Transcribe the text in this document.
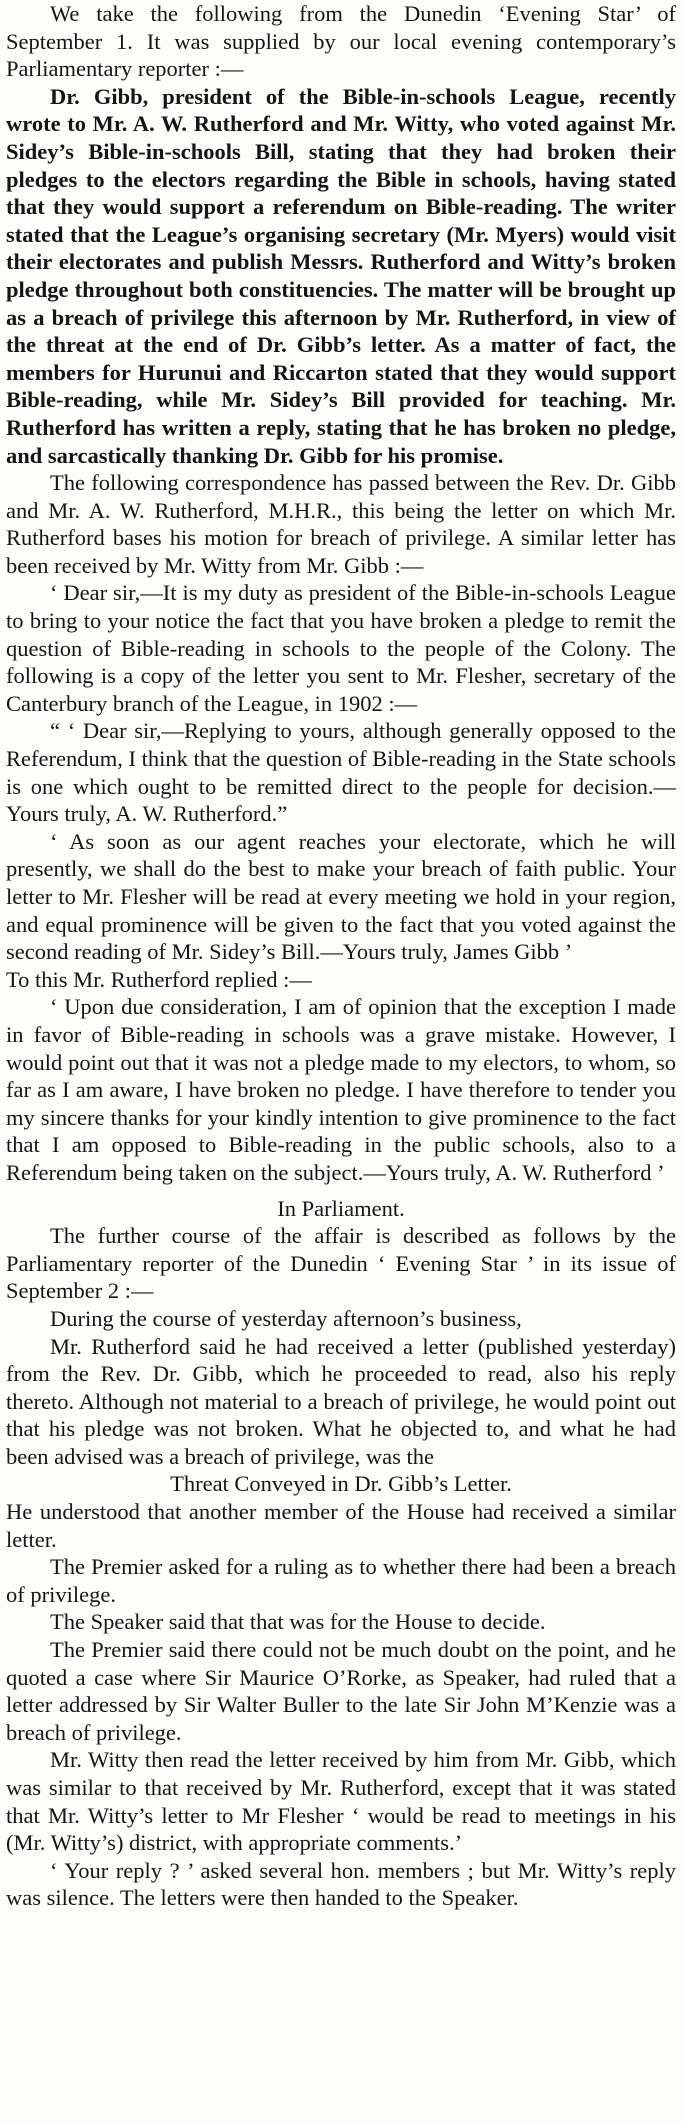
We take the following from the Dunedin ‘Evening Star’ of September 1. It was supplied by our local evening contemporary’s Parliamentary reporter :—

Dr. Gibb, president of the Bible-in-schools League, recently wrote to Mr. A. W. Rutherford and Mr. Witty, who voted against Mr. Sidey’s Bible-in-schools Bill, stating that they had broken their pledges to the electors regarding the Bible in schools, having stated that they would support a referendum on Bible-reading. The writer stated that the League’s organising secretary (Mr. Myers) would visit their electorates and publish Messrs. Rutherford and Witty’s broken pledge throughout both constituencies. The matter will be brought up as a breach of privilege this afternoon by Mr. Rutherford, in view of the threat at the end of Dr. Gibb’s letter. As a matter of fact, the members for Hurunui and Riccarton stated that they would support Bible-reading, while Mr. Sidey’s Bill provided for teaching. Mr. Rutherford has written a reply, stating that he has broken no pledge, and sarcastically thanking Dr. Gibb for his promise.

The following correspondence has passed between the Rev. Dr. Gibb and Mr. A. W. Rutherford, M.H.R., this being the letter on which Mr. Rutherford bases his motion for breach of privilege. A similar letter has been received by Mr. Witty from Mr. Gibb :—

‘ Dear sir,—It is my duty as president of the Bible-in-schools League to bring to your notice the fact that you have broken a pledge to remit the question of Bible-reading in schools to the people of the Colony. The following is a copy of the letter you sent to Mr. Flesher, secretary of the Canterbury branch of the League, in 1902 :—

“ ‘ Dear sir,—Replying to yours, although generally opposed to the Referendum, I think that the question of Bible-reading in the State schools is one which ought to be remitted direct to the people for decision.—Yours truly, A. W. Rutherford.”

‘ As soon as our agent reaches your electorate, which he will presently, we shall do the best to make your breach of faith public. Your letter to Mr. Flesher will be read at every meeting we hold in your region, and equal prominence will be given to the fact that you voted against the second reading of Mr. Sidey’s Bill.—Yours truly, James Gibb ’

To this Mr. Rutherford replied :—

‘ Upon due consideration, I am of opinion that the exception I made in favor of Bible-reading in schools was a grave mistake. However, I would point out that it was not a pledge made to my electors, to whom, so far as I am aware, I have broken no pledge. I have therefore to tender you my sincere thanks for your kindly intention to give prominence to the fact that I am opposed to Bible-reading in the public schools, also to a Referendum being taken on the subject.—Yours truly, A. W. Rutherford ’

In Parliament.

The further course of the affair is described as follows by the Parliamentary reporter of the Dunedin ‘ Evening Star ’ in its issue of September 2 :—

During the course of yesterday afternoon’s business,

Mr. Rutherford said he had received a letter (published yesterday) from the Rev. Dr. Gibb, which he proceeded to read, also his reply thereto. Although not material to a breach of privilege, he would point out that his pledge was not broken. What he objected to, and what he had been advised was a breach of privilege, was the

Threat Conveyed in Dr. Gibb’s Letter.

He understood that another member of the House had received a similar letter.

The Premier asked for a ruling as to whether there had been a breach of privilege.

The Speaker said that that was for the House to decide.

The Premier said there could not be much doubt on the point, and he quoted a case where Sir Maurice O’Rorke, as Speaker, had ruled that a letter addressed by Sir Walter Buller to the late Sir John M’Kenzie was a breach of privilege.

Mr. Witty then read the letter received by him from Mr. Gibb, which was similar to that received by Mr. Rutherford, except that it was stated that Mr. Witty’s letter to Mr Flesher ‘ would be read to meetings in his (Mr. Witty’s) district, with appropriate comments.’

‘ Your reply ? ’ asked several hon. members ; but Mr. Witty’s reply was silence. The letters were then handed to the Speaker.
